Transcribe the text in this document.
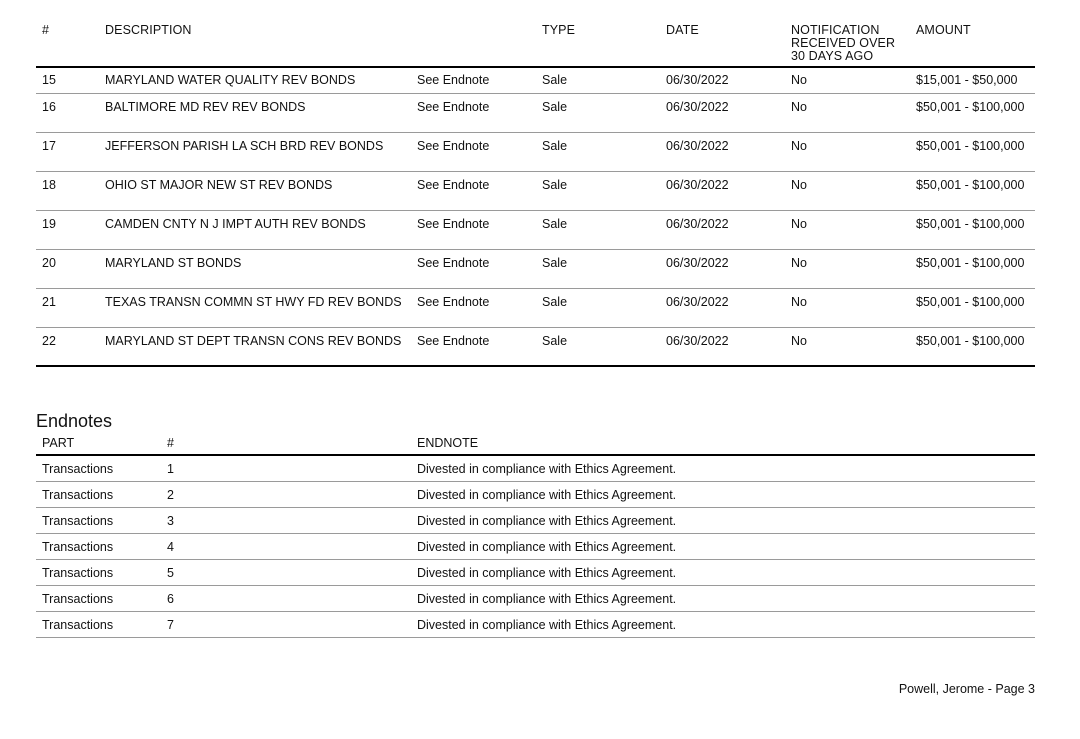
#	DESCRIPTION		TYPE	DATE	NOTIFICATION RECEIVED OVER 30 DAYS AGO	AMOUNT
15	MARYLAND WATER QUALITY REV BONDS	See Endnote	Sale	06/30/2022	No	$15,001 - $50,000
16	BALTIMORE MD REV REV BONDS	See Endnote	Sale	06/30/2022	No	$50,001 - $100,000
17	JEFFERSON PARISH LA SCH BRD REV BONDS	See Endnote	Sale	06/30/2022	No	$50,001 - $100,000
18	OHIO ST MAJOR NEW ST REV BONDS	See Endnote	Sale	06/30/2022	No	$50,001 - $100,000
19	CAMDEN CNTY N J IMPT AUTH REV BONDS	See Endnote	Sale	06/30/2022	No	$50,001 - $100,000
20	MARYLAND ST BONDS	See Endnote	Sale	06/30/2022	No	$50,001 - $100,000
21	TEXAS TRANSN COMMN ST HWY FD REV BONDS	See Endnote	Sale	06/30/2022	No	$50,001 - $100,000
22	MARYLAND ST DEPT TRANSN CONS REV BONDS	See Endnote	Sale	06/30/2022	No	$50,001 - $100,000
Endnotes
PART	#	ENDNOTE
Transactions	1	Divested in compliance with Ethics Agreement.
Transactions	2	Divested in compliance with Ethics Agreement.
Transactions	3	Divested in compliance with Ethics Agreement.
Transactions	4	Divested in compliance with Ethics Agreement.
Transactions	5	Divested in compliance with Ethics Agreement.
Transactions	6	Divested in compliance with Ethics Agreement.
Transactions	7	Divested in compliance with Ethics Agreement.
Powell, Jerome - Page 3
